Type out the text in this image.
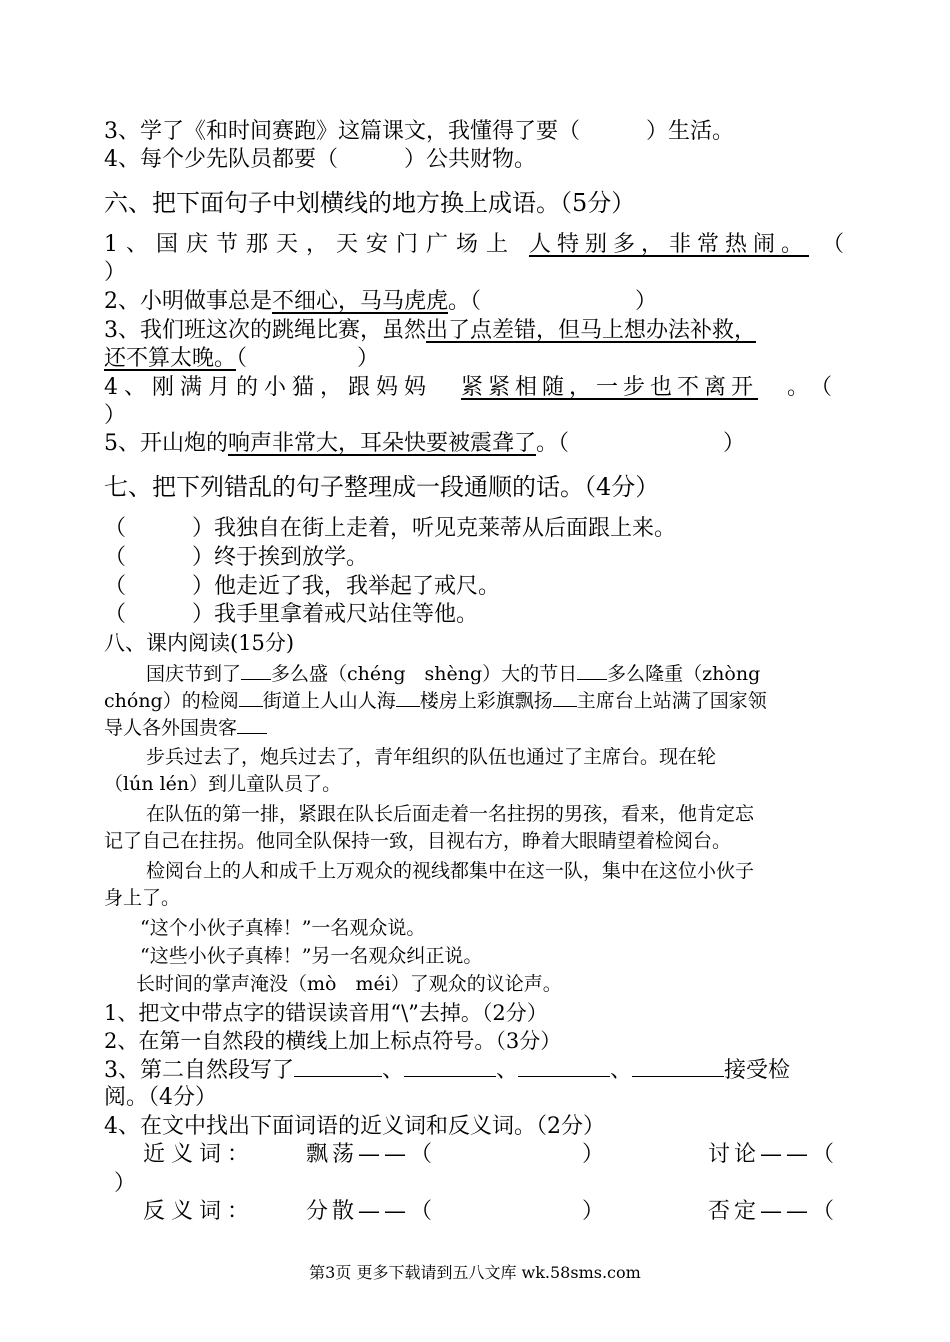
3、学了《和时间赛跑》这篇课文，我懂得了要（　　　）生活。
4、每个少先队员都要（　　　）公共财物。
六、把下面句子中划横线的地方换上成语。（5分）
1、国庆节那天，天安门广场上 人特别多，非常热闹。 （
）
2、小明做事总是不细心，马马虎虎。（　　　　　　　）
3、我们班这次的跳绳比赛，虽然出了点差错，但马上想办法补救，
还不算太晚。（　　　　　）
4、刚满月的小猫，跟妈妈 紧紧相随，一步也不离开 。（
）
5、开山炮的响声非常大，耳朵快要被震聋了。（　　　　　　　）
七、把下列错乱的句子整理成一段通顺的话。（4分）
（　　　）我独自在街上走着，听见克莱蒂从后面跟上来。
（　　　）终于挨到放学。
（　　　）他走近了我，我举起了戒尺。
（　　　）我手里拿着戒尺站住等他。
八、课内阅读(15分)
国庆节到了 多么盛（chéng　shèng）大的节日 多么隆重（zhòng
chóng）的检阅 街道上人山人海 楼房上彩旗飘扬 主席台上站满了国家领
导人各外国贵客
步兵过去了，炮兵过去了，青年组织的队伍也通过了主席台。现在轮
（lún lén）到儿童队员了。
在队伍的第一排，紧跟在队长后面走着一名拄拐的男孩，看来，他肯定忘
记了自己在拄拐。他同全队保持一致，目视右方，睁着大眼睛望着检阅台。
检阅台上的人和成千上万观众的视线都集中在这一队，集中在这位小伙子
身上了。
“这个小伙子真棒！”一名观众说。
“这些小伙子真棒！”另一名观众纠正说。
长时间的掌声淹没（mò　méi）了观众的议论声。
1、把文中带点字的错误读音用“\”去掉。（2分）
2、在第一自然段的横线上加上标点符号。（3分）
3、第二自然段写了	、	、	、	接受检
阅。（4分）
4、在文中找出下面词语的近义词和反义词。（2分）
近义词： 飘荡——（	）	讨论——（
）
反义词： 分散——（	）	否定——（
第3页 更多下载请到五八文库 wk.58sms.com
